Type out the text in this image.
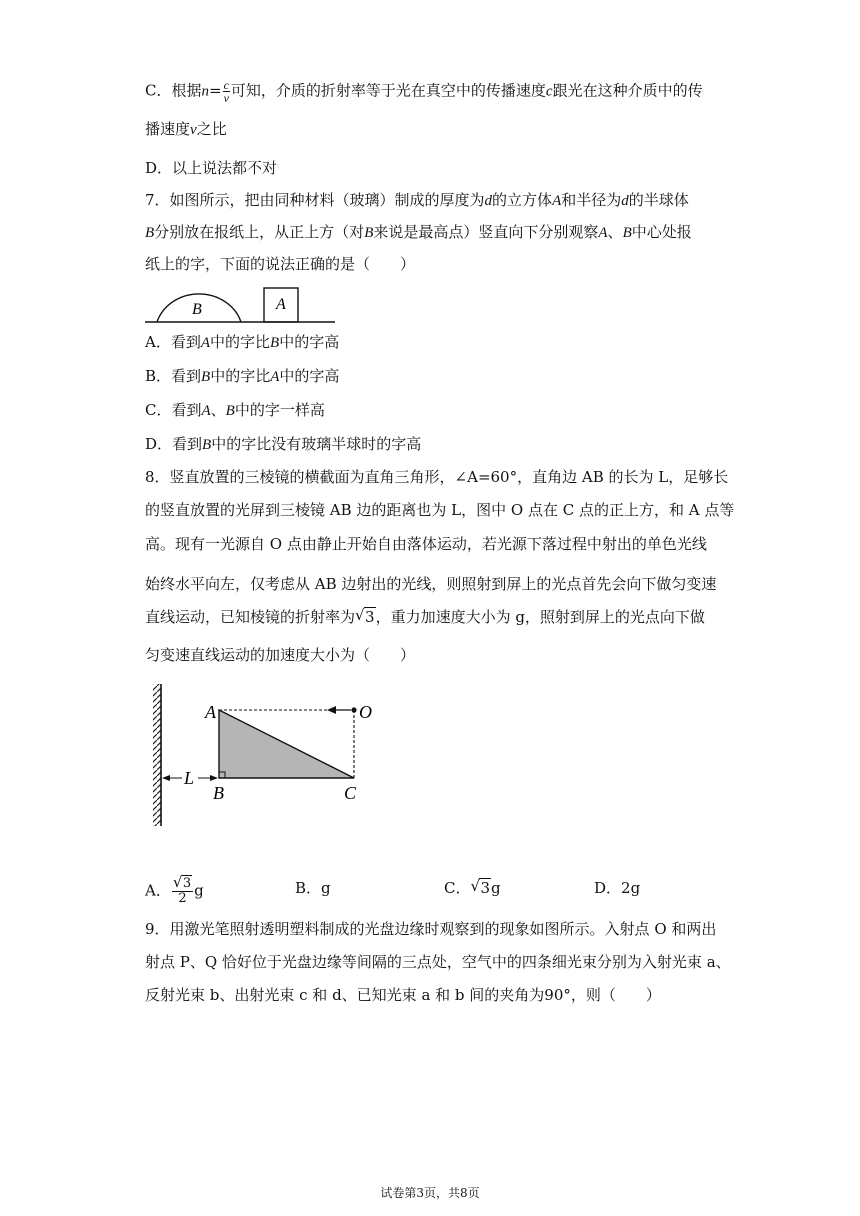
C．根据$n= \frac{c}{v}$ 可知，介质的折射率等于光在真空中的传播速度c跟光在这种介质中的传
播速度v之比
D．以上说法都不对
7．如图所示，把由同种材料（玻璃）制成的厚度为d的立方体A和半径为d的半球体
B分别放在报纸上，从正上方（对B来说是最高点）竖直向下分别观察A、B中心处报
纸上的字，下面的说法正确的是（　　）
B	A
A．看到A中的字比B中的字高
B．看到B中的字比A中的字高
C．看到A、B中的字一样高
D．看到B中的字比没有玻璃半球时的字高
8．竖直放置的三棱镜的横截面为直角三角形，∠A=60°，直角边 AB 的长为 L，足够长
的竖直放置的光屏到三棱镜 AB 边的距离也为 L，图中 O 点在 C 点的正上方，和 A 点等
高。现有一光源自 O 点由静止开始自由落体运动，若光源下落过程中射出的单色光线
始终水平向左，仅考虑从 AB 边射出的光线，则照射到屏上的光点首先会向下做匀变速
直线运动，已知棱镜的折射率为 √ 3，重力加速度大小为 g，照射到屏上的光点向下做
匀变速直线运动的加速度大小为（　　）
A	O
L
B	C
A． √ $\frac{3}{2}$ g	B．g	C． √ 3g	D．2g
9．用激光笔照射透明塑料制成的光盘边缘时观察到的现象如图所示。入射点 O 和两出
射点 P、Q 恰好位于光盘边缘等间隔的三点处，空气中的四条细光束分别为入射光束 a、
反射光束 b、出射光束 c 和 d、已知光束 a 和 b 间的夹角为90°，则（　　）
试卷第3页，共8页
